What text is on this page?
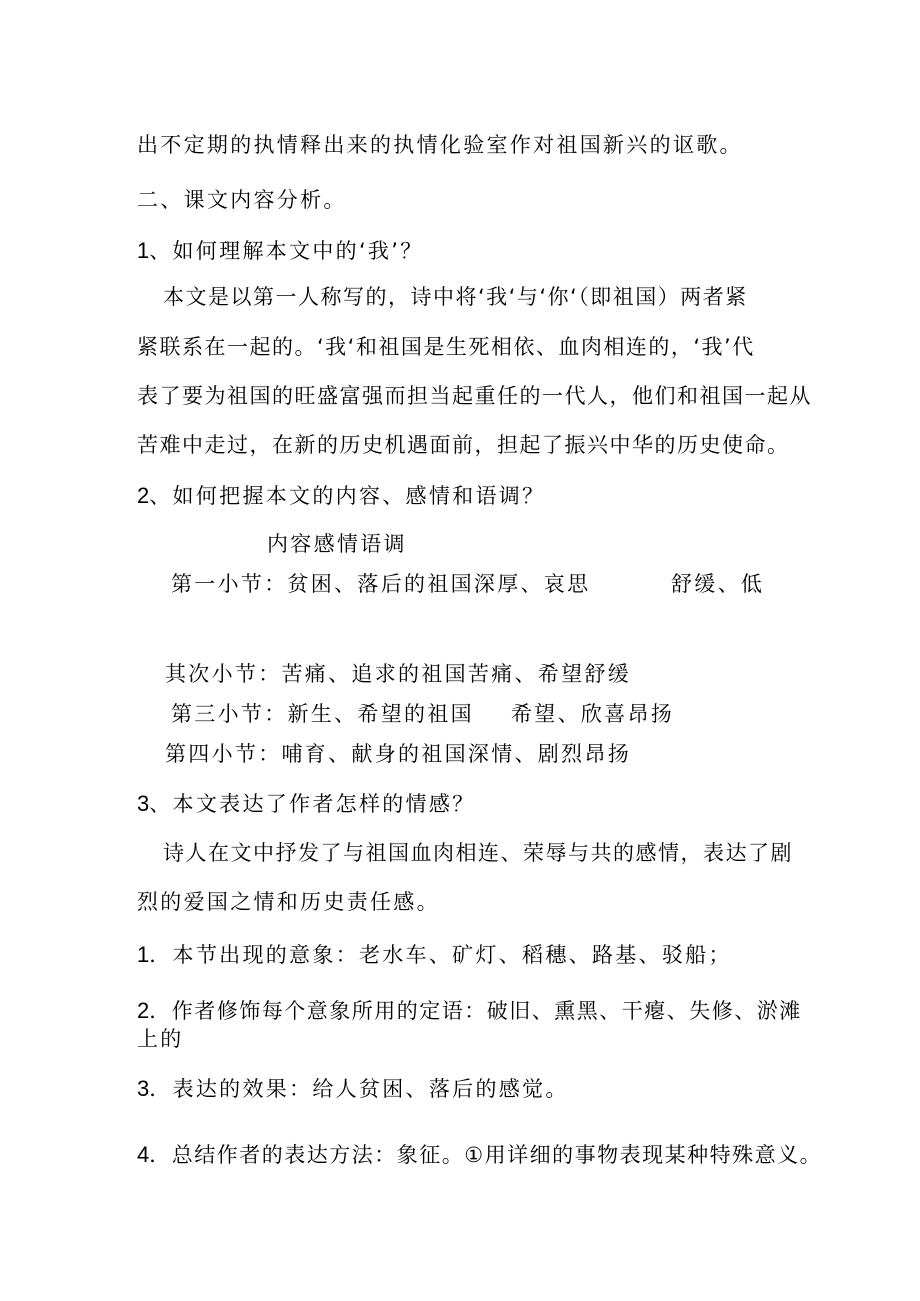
出不定期的执情释出来的执情化验室作对祖国新兴的讴歌。
二、课文内容分析。
1、如何理解本文中的‘我’？
本文是以第一人称写的，诗中将‘我‘与‘你‘（即祖国）两者紧
紧联系在一起的。‘我‘和祖国是生死相依、血肉相连的，‘我’代
表了要为祖国的旺盛富强而担当起重任的一代人，他们和祖国一起从
苦难中走过，在新的历史机遇面前，担起了振兴中华的历史使命。
2、如何把握本文的内容、感情和语调？
内容感情语调
第一小节：贫困、落后的祖国深厚、哀思	舒缓、低
其次小节：苦痛、追求的祖国苦痛、希望舒缓
第三小节：新生、希望的祖国 希望、欣喜昂扬
第四小节：哺育、献身的祖国深情、剧烈昂扬
3、本文表达了作者怎样的情感？
诗人在文中抒发了与祖国血肉相连、荣辱与共的感情，表达了剧
烈的爱国之情和历史责任感。
1．本节出现的意象：老水车、矿灯、稻穗、路基、驳船；
2．作者修饰每个意象所用的定语：破旧、熏黑、干瘪、失修、淤滩
上的
3．表达的效果：给人贫困、落后的感觉。
4．总结作者的表达方法：象征。①用详细的事物表现某种特殊意义。
